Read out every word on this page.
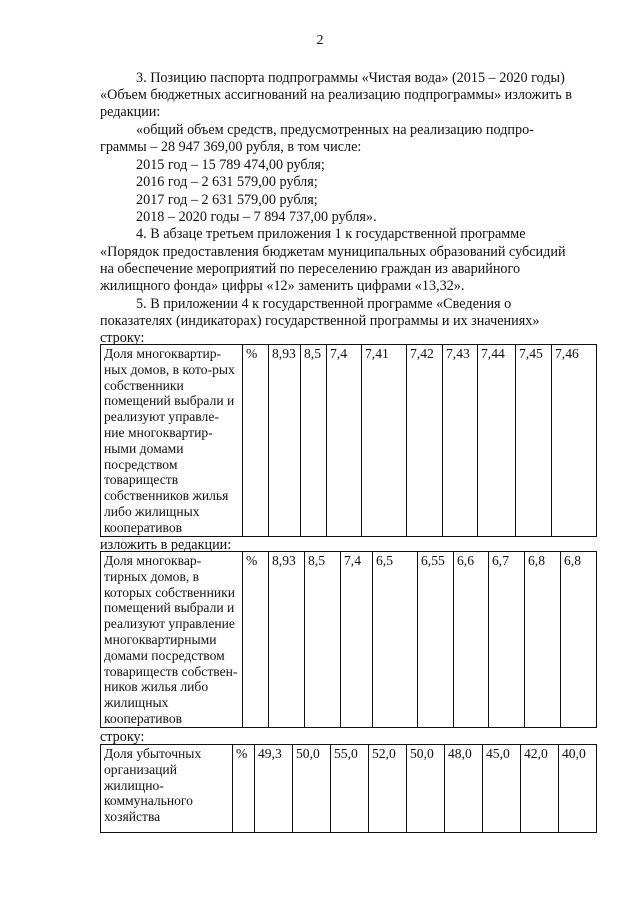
2
3. Позицию паспорта подпрограммы «Чистая вода» (2015 – 2020 годы)
«Объем бюджетных ассигнований на реализацию подпрограммы» изложить в
редакции:
«общий объем средств, предусмотренных на реализацию подпро-
граммы – 28 947 369,00 рубля, в том числе:
2015 год – 15 789 474,00 рубля;
2016 год – 2 631 579,00 рубля;
2017 год – 2 631 579,00 рубля;
2018 – 2020 годы – 7 894 737,00 рубля».
4. В абзаце третьем приложения 1 к государственной программе
«Порядок предоставления бюджетам муниципальных образований субсидий
на обеспечение мероприятий по переселению граждан из аварийного
жилищного фонда» цифры «12» заменить цифрами «13,32».
5. В приложении 4 к государственной программе «Сведения о
показателях (индикаторах) государственной программы и их значениях»
строку:
Доля многоквартир-
ных домов, в кото-рых
собственники
помещений выбрали и
реализуют управле-
ние многоквартир-
ными домами
посредством
товариществ
собственников жилья
либо жилищных
кооперативов
	%	8,93	8,5	7,4	7,41	7,42	7,43	7,44	7,45	7,46
изложить в редакции:
Доля многоквар-
тирных домов, в
которых собственники
помещений выбрали и
реализуют управление
многоквартирными
домами посредством
товариществ собствен-
ников жилья либо
жилищных
кооперативов
	%	8,93	8,5	7,4	6,5	6,55	6,6	6,7	6,8	6,8
строку:
Доля убыточных
организаций
жилищно-
коммунального
хозяйства
	%	49,3	50,0	55,0	52,0	50,0	48,0	45,0	42,0	40,0
